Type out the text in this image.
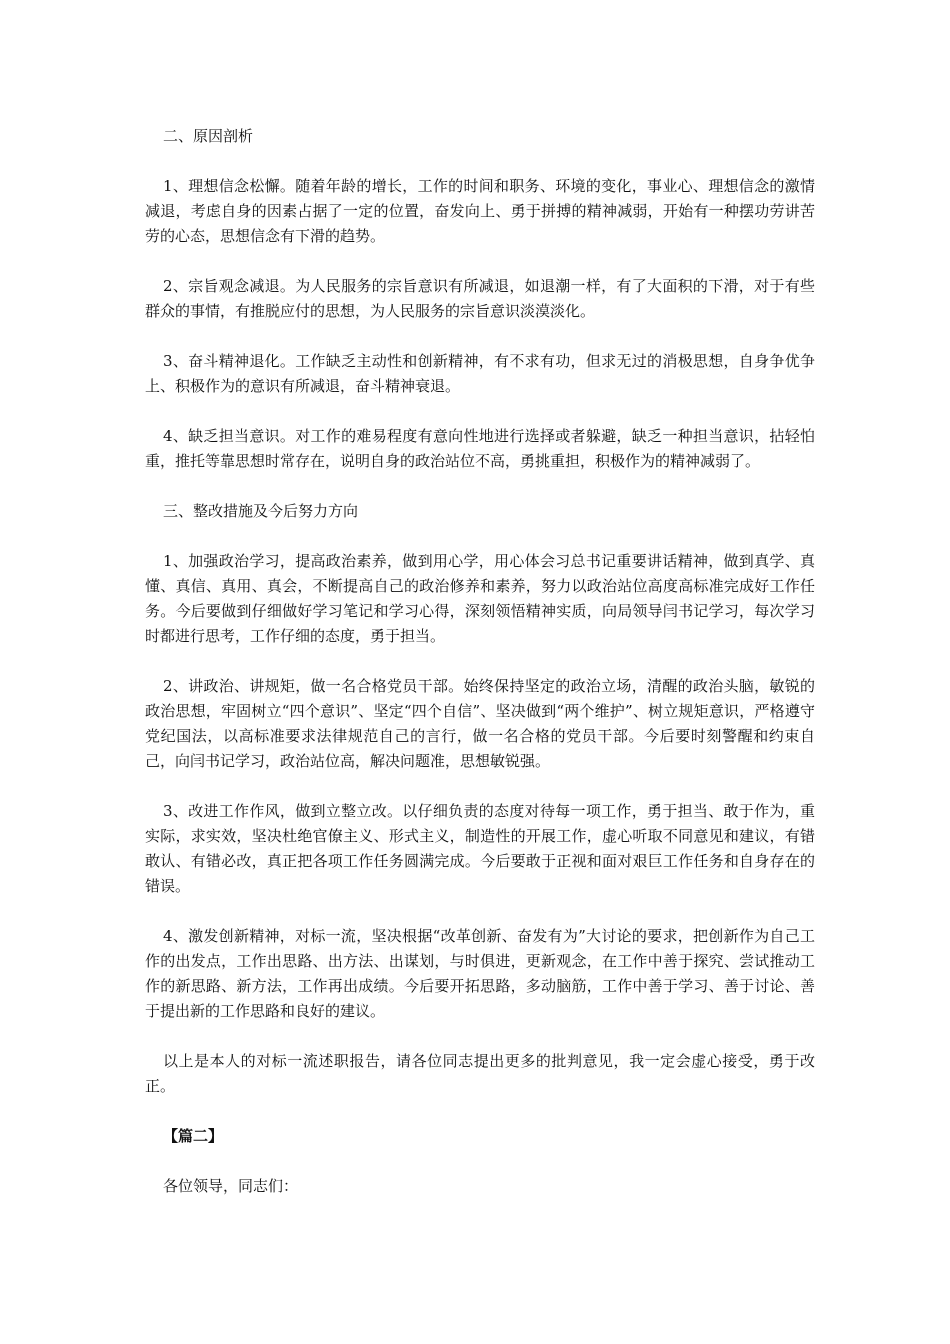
二、原因剖析

1、理想信念松懈。随着年龄的增长，工作的时间和职务、环境的变化，事业心、理想信念的激情减退，考虑自身的因素占据了一定的位置，奋发向上、勇于拼搏的精神减弱，开始有一种摆功劳讲苦劳的心态，思想信念有下滑的趋势。

2、宗旨观念减退。为人民服务的宗旨意识有所减退，如退潮一样，有了大面积的下滑，对于有些群众的事情，有推脱应付的思想，为人民服务的宗旨意识淡漠淡化。

3、奋斗精神退化。工作缺乏主动性和创新精神，有不求有功，但求无过的消极思想，自身争优争上、积极作为的意识有所减退，奋斗精神衰退。

4、缺乏担当意识。对工作的难易程度有意向性地进行选择或者躲避，缺乏一种担当意识，拈轻怕重，推托等靠思想时常存在，说明自身的政治站位不高，勇挑重担，积极作为的精神减弱了。

三、整改措施及今后努力方向

1、加强政治学习，提高政治素养，做到用心学，用心体会习总书记重要讲话精神，做到真学、真懂、真信、真用、真会，不断提高自己的政治修养和素养，努力以政治站位高度高标准完成好工作任务。今后要做到仔细做好学习笔记和学习心得，深刻领悟精神实质，向局领导闫书记学习，每次学习时都进行思考，工作仔细的态度，勇于担当。

2、讲政治、讲规矩，做一名合格党员干部。始终保持坚定的政治立场，清醒的政治头脑，敏锐的政治思想，牢固树立“四个意识”、坚定“四个自信”、坚决做到“两个维护”、树立规矩意识，严格遵守党纪国法，以高标准要求法律规范自己的言行，做一名合格的党员干部。今后要时刻警醒和约束自己，向闫书记学习，政治站位高，解决问题准，思想敏锐强。

3、改进工作作风，做到立整立改。以仔细负责的态度对待每一项工作，勇于担当、敢于作为，重实际，求实效，坚决杜绝官僚主义、形式主义，制造性的开展工作，虚心听取不同意见和建议，有错敢认、有错必改，真正把各项工作任务圆满完成。今后要敢于正视和面对艰巨工作任务和自身存在的错误。

4、激发创新精神，对标一流，坚决根据“改革创新、奋发有为”大讨论的要求，把创新作为自己工作的出发点，工作出思路、出方法、出谋划，与时俱进，更新观念，在工作中善于探究、尝试推动工作的新思路、新方法，工作再出成绩。今后要开拓思路，多动脑筋，工作中善于学习、善于讨论、善于提出新的工作思路和良好的建议。

以上是本人的对标一流述职报告，请各位同志提出更多的批判意见，我一定会虚心接受，勇于改正。

【篇二】

各位领导，同志们：
